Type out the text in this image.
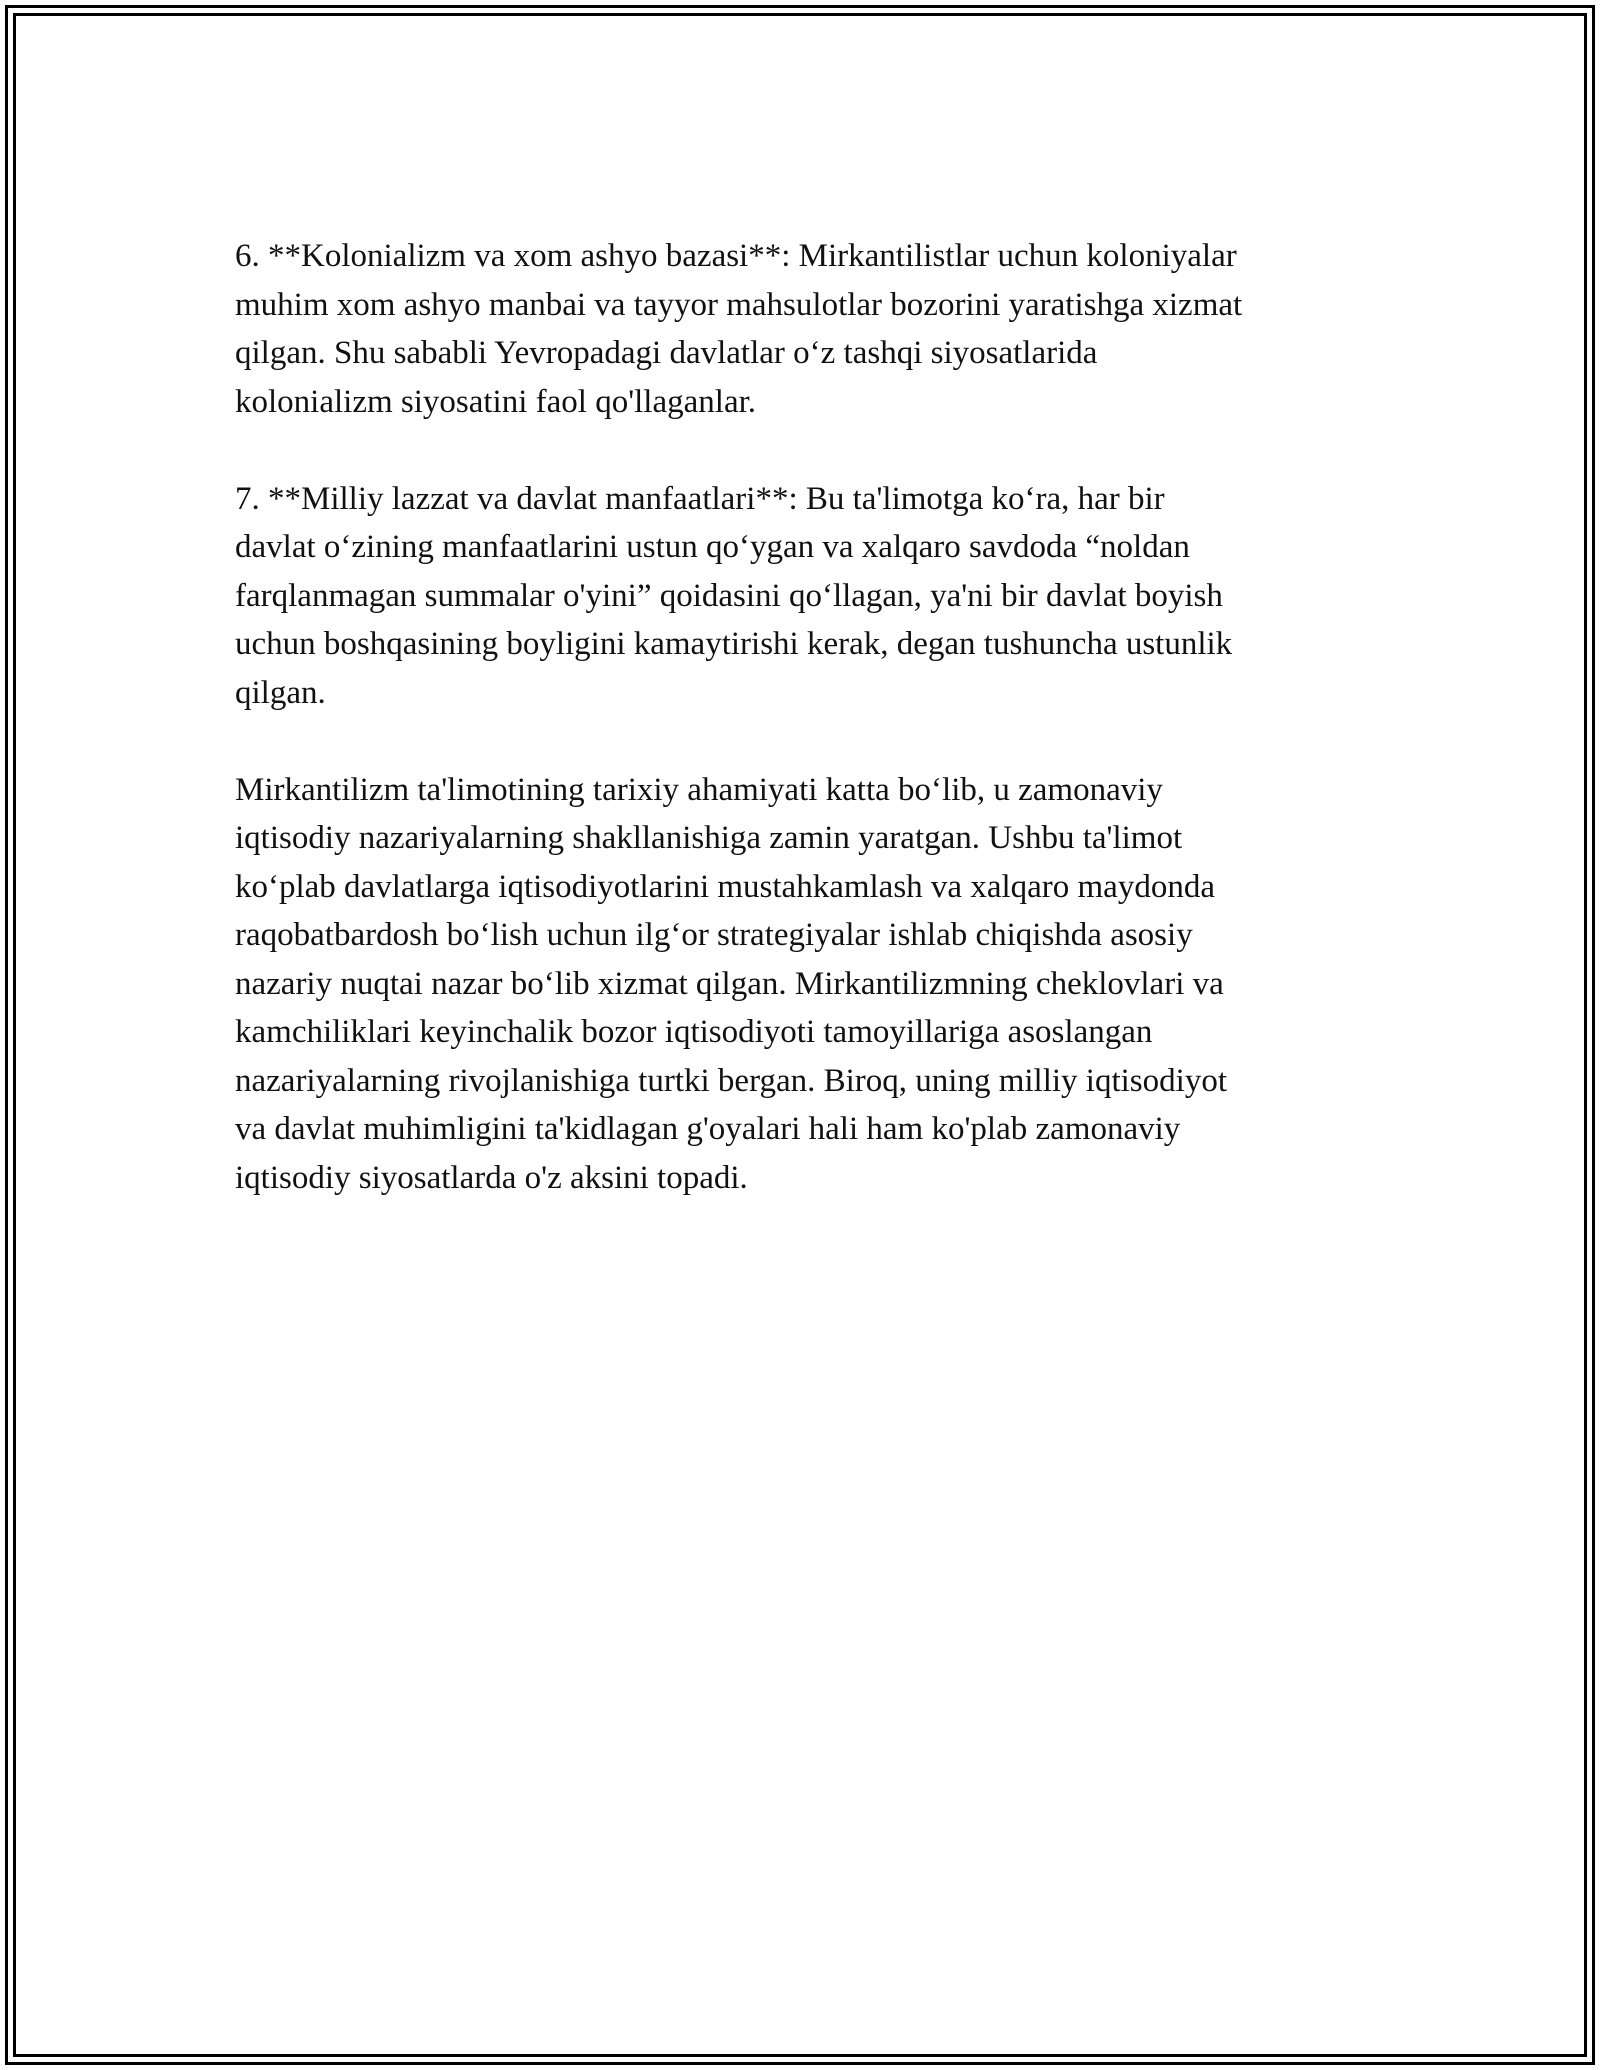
6. **Kolonializm va xom ashyo bazasi**: Mirkantilistlar uchun koloniyalar
muhim xom ashyo manbai va tayyor mahsulotlar bozorini yaratishga xizmat
qilgan. Shu sababli Yevropadagi davlatlar o‘z tashqi siyosatlarida
kolonializm siyosatini faol qo'llaganlar.

7. **Milliy lazzat va davlat manfaatlari**: Bu ta'limotga ko‘ra, har bir
davlat o‘zining manfaatlarini ustun qo‘ygan va xalqaro savdoda “noldan
farqlanmagan summalar o'yini” qoidasini qo‘llagan, ya'ni bir davlat boyish
uchun boshqasining boyligini kamaytirishi kerak, degan tushuncha ustunlik
qilgan.

Mirkantilizm ta'limotining tarixiy ahamiyati katta bo‘lib, u zamonaviy
iqtisodiy nazariyalarning shakllanishiga zamin yaratgan. Ushbu ta'limot
ko‘plab davlatlarga iqtisodiyotlarini mustahkamlash va xalqaro maydonda
raqobatbardosh bo‘lish uchun ilg‘or strategiyalar ishlab chiqishda asosiy
nazariy nuqtai nazar bo‘lib xizmat qilgan. Mirkantilizmning cheklovlari va
kamchiliklari keyinchalik bozor iqtisodiyoti tamoyillariga asoslangan
nazariyalarning rivojlanishiga turtki bergan. Biroq, uning milliy iqtisodiyot
va davlat muhimligini ta'kidlagan g'oyalari hali ham ko'plab zamonaviy
iqtisodiy siyosatlarda o'z aksini topadi.
